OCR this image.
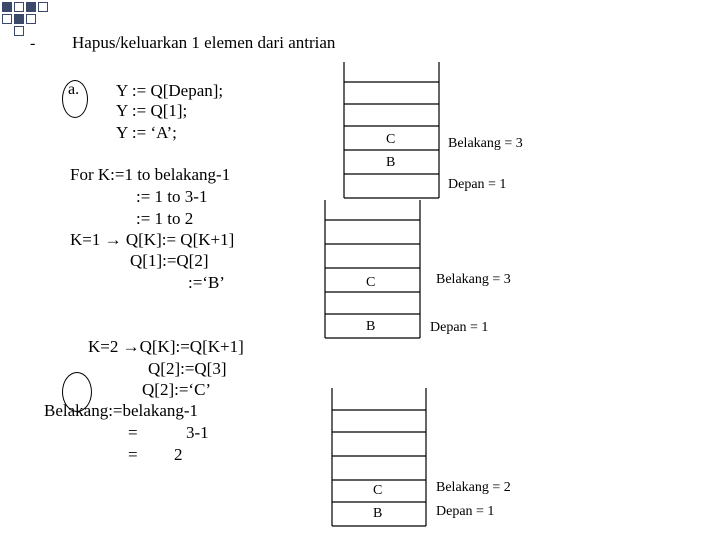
- Hapus/keluarkan 1 elemen dari antrian
a. Y := Q[Depan];
Y := Q[1];
Y := ‘A’;
For K:=1 to belakang-1
:= 1 to 3-1
:= 1 to 2
K=1 → Q[K]:= Q[K+1]
Q[1]:=Q[2]
:=‘B’
K=2 →Q[K]:=Q[K+1]
Q[2]:=Q[3]
Q[2]:=‘C’
Belakang:=belakang-1
=	3-1
= 2
C
B
Belakang = 3
Depan = 1
C
B
Belakang = 3
Depan = 1
C
B
Belakang = 2
Depan = 1
